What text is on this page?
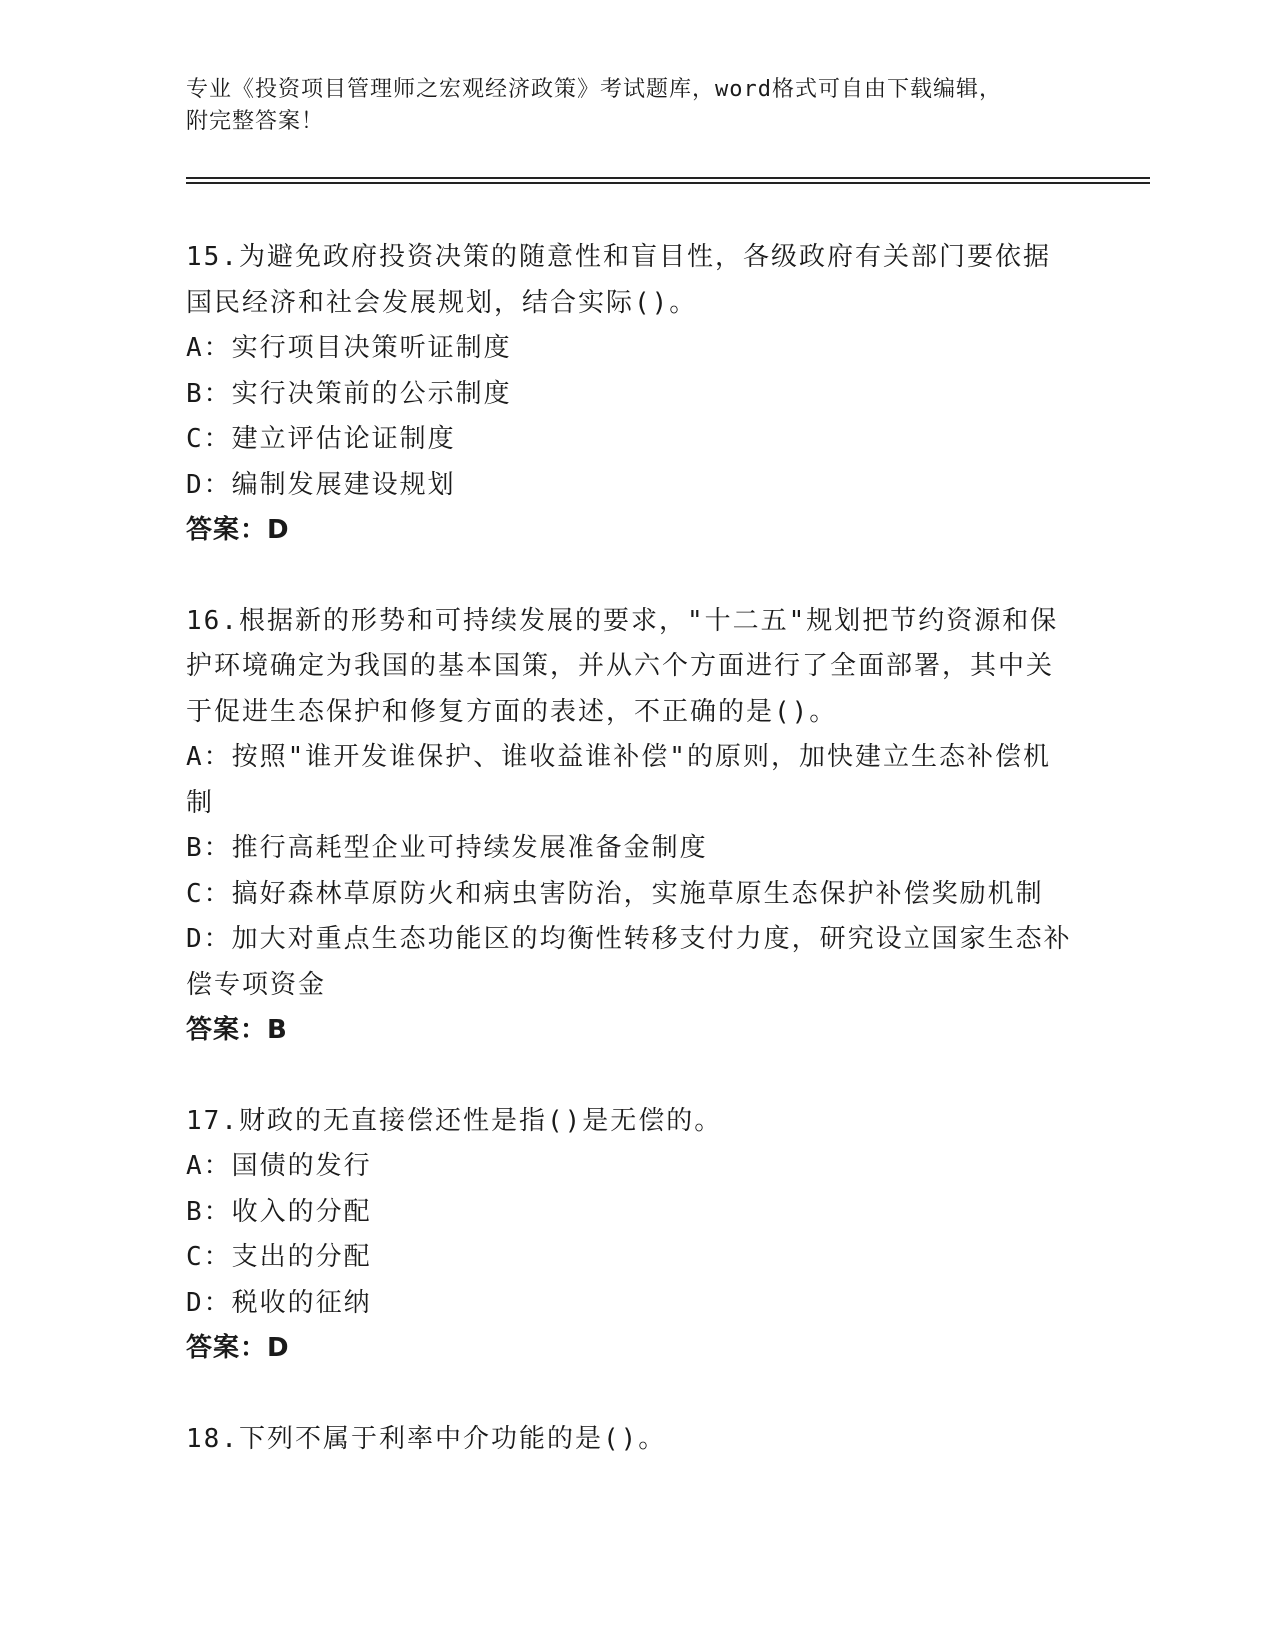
专业《投资项目管理师之宏观经济政策》考试题库，word格式可自由下载编辑，
附完整答案！

15.为避免政府投资决策的随意性和盲目性，各级政府有关部门要依据国民经济和社会发展规划，结合实际()。

A：实行项目决策听证制度

B：实行决策前的公示制度

C：建立评估论证制度

D：编制发展建设规划

答案：D

16.根据新的形势和可持续发展的要求，"十二五"规划把节约资源和保护环境确定为我国的基本国策，并从六个方面进行了全面部署，其中关于促进生态保护和修复方面的表述，不正确的是()。

A：按照"谁开发谁保护、谁收益谁补偿"的原则，加快建立生态补偿机制

B：推行高耗型企业可持续发展准备金制度

C：搞好森林草原防火和病虫害防治，实施草原生态保护补偿奖励机制

D：加大对重点生态功能区的均衡性转移支付力度，研究设立国家生态补偿专项资金

答案：B

17.财政的无直接偿还性是指()是无偿的。

A：国债的发行

B：收入的分配

C：支出的分配

D：税收的征纳

答案：D

18.下列不属于利率中介功能的是()。
